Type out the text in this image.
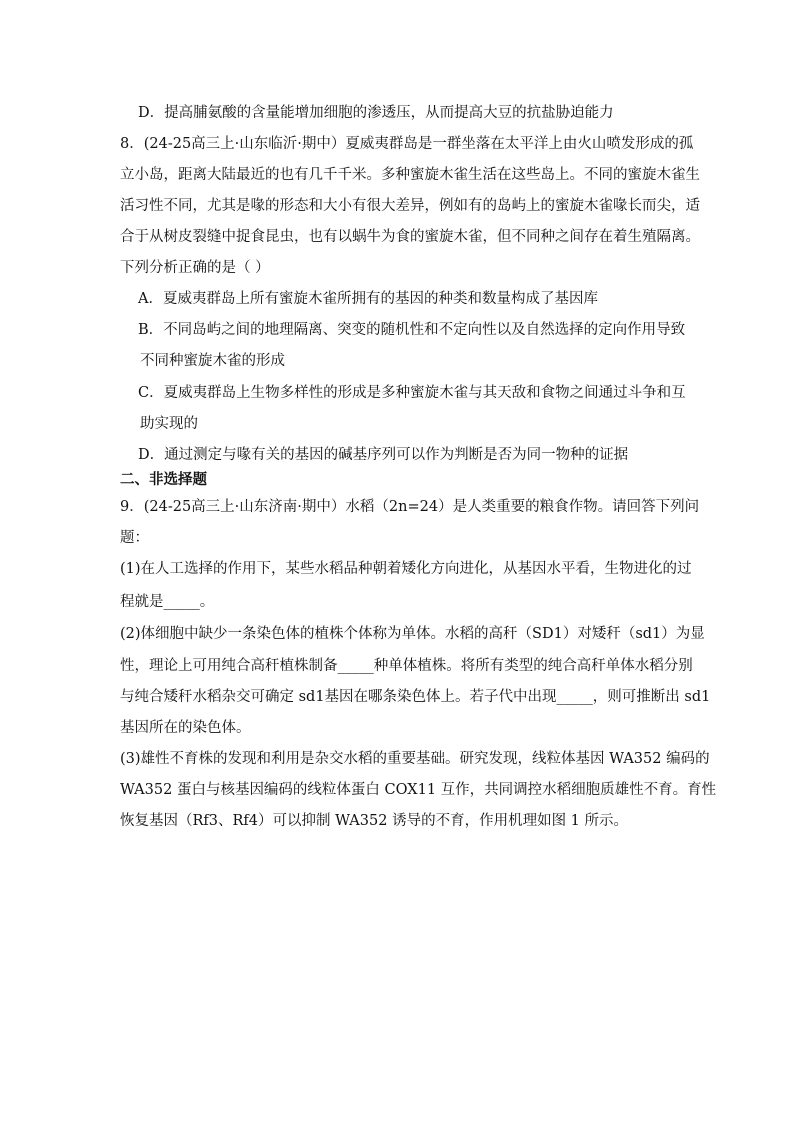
D．提高脯氨酸的含量能增加细胞的渗透压，从而提高大豆的抗盐胁迫能力
8．(24-25高三上·山东临沂·期中）夏威夷群岛是一群坐落在太平洋上由火山喷发形成的孤
立小岛，距离大陆最近的也有几千千米。多种蜜旋木雀生活在这些岛上。不同的蜜旋木雀生
活习性不同，尤其是喙的形态和大小有很大差异，例如有的岛屿上的蜜旋木雀喙长而尖，适
合于从树皮裂缝中捉食昆虫，也有以蜗牛为食的蜜旋木雀，但不同种之间存在着生殖隔离。
下列分析正确的是（ ）
A．夏威夷群岛上所有蜜旋木雀所拥有的基因的种类和数量构成了基因库
B．不同岛屿之间的地理隔离、突变的随机性和不定向性以及自然选择的定向作用导致
不同种蜜旋木雀的形成
C．夏威夷群岛上生物多样性的形成是多种蜜旋木雀与其天敌和食物之间通过斗争和互
助实现的
D．通过测定与喙有关的基因的碱基序列可以作为判断是否为同一物种的证据
二、非选择题
9．(24-25高三上·山东济南·期中）水稻（2n=24）是人类重要的粮食作物。请回答下列问
题：
(1)在人工选择的作用下，某些水稻品种朝着矮化方向进化，从基因水平看，生物进化的过
程就是_____。
(2)体细胞中缺少一条染色体的植株个体称为单体。水稻的高秆（SD1）对矮秆（sd1）为显
性，理论上可用纯合高秆植株制备_____种单体植株。将所有类型的纯合高秆单体水稻分别
与纯合矮秆水稻杂交可确定 sd1基因在哪条染色体上。若子代中出现_____，则可推断出 sd1
基因所在的染色体。
(3)雄性不育株的发现和利用是杂交水稻的重要基础。研究发现，线粒体基因 WA352 编码的
WA352 蛋白与核基因编码的线粒体蛋白 COX11 互作，共同调控水稻细胞质雄性不育。育性
恢复基因（Rf3、Rf4）可以抑制 WA352 诱导的不育，作用机理如图 1 所示。
